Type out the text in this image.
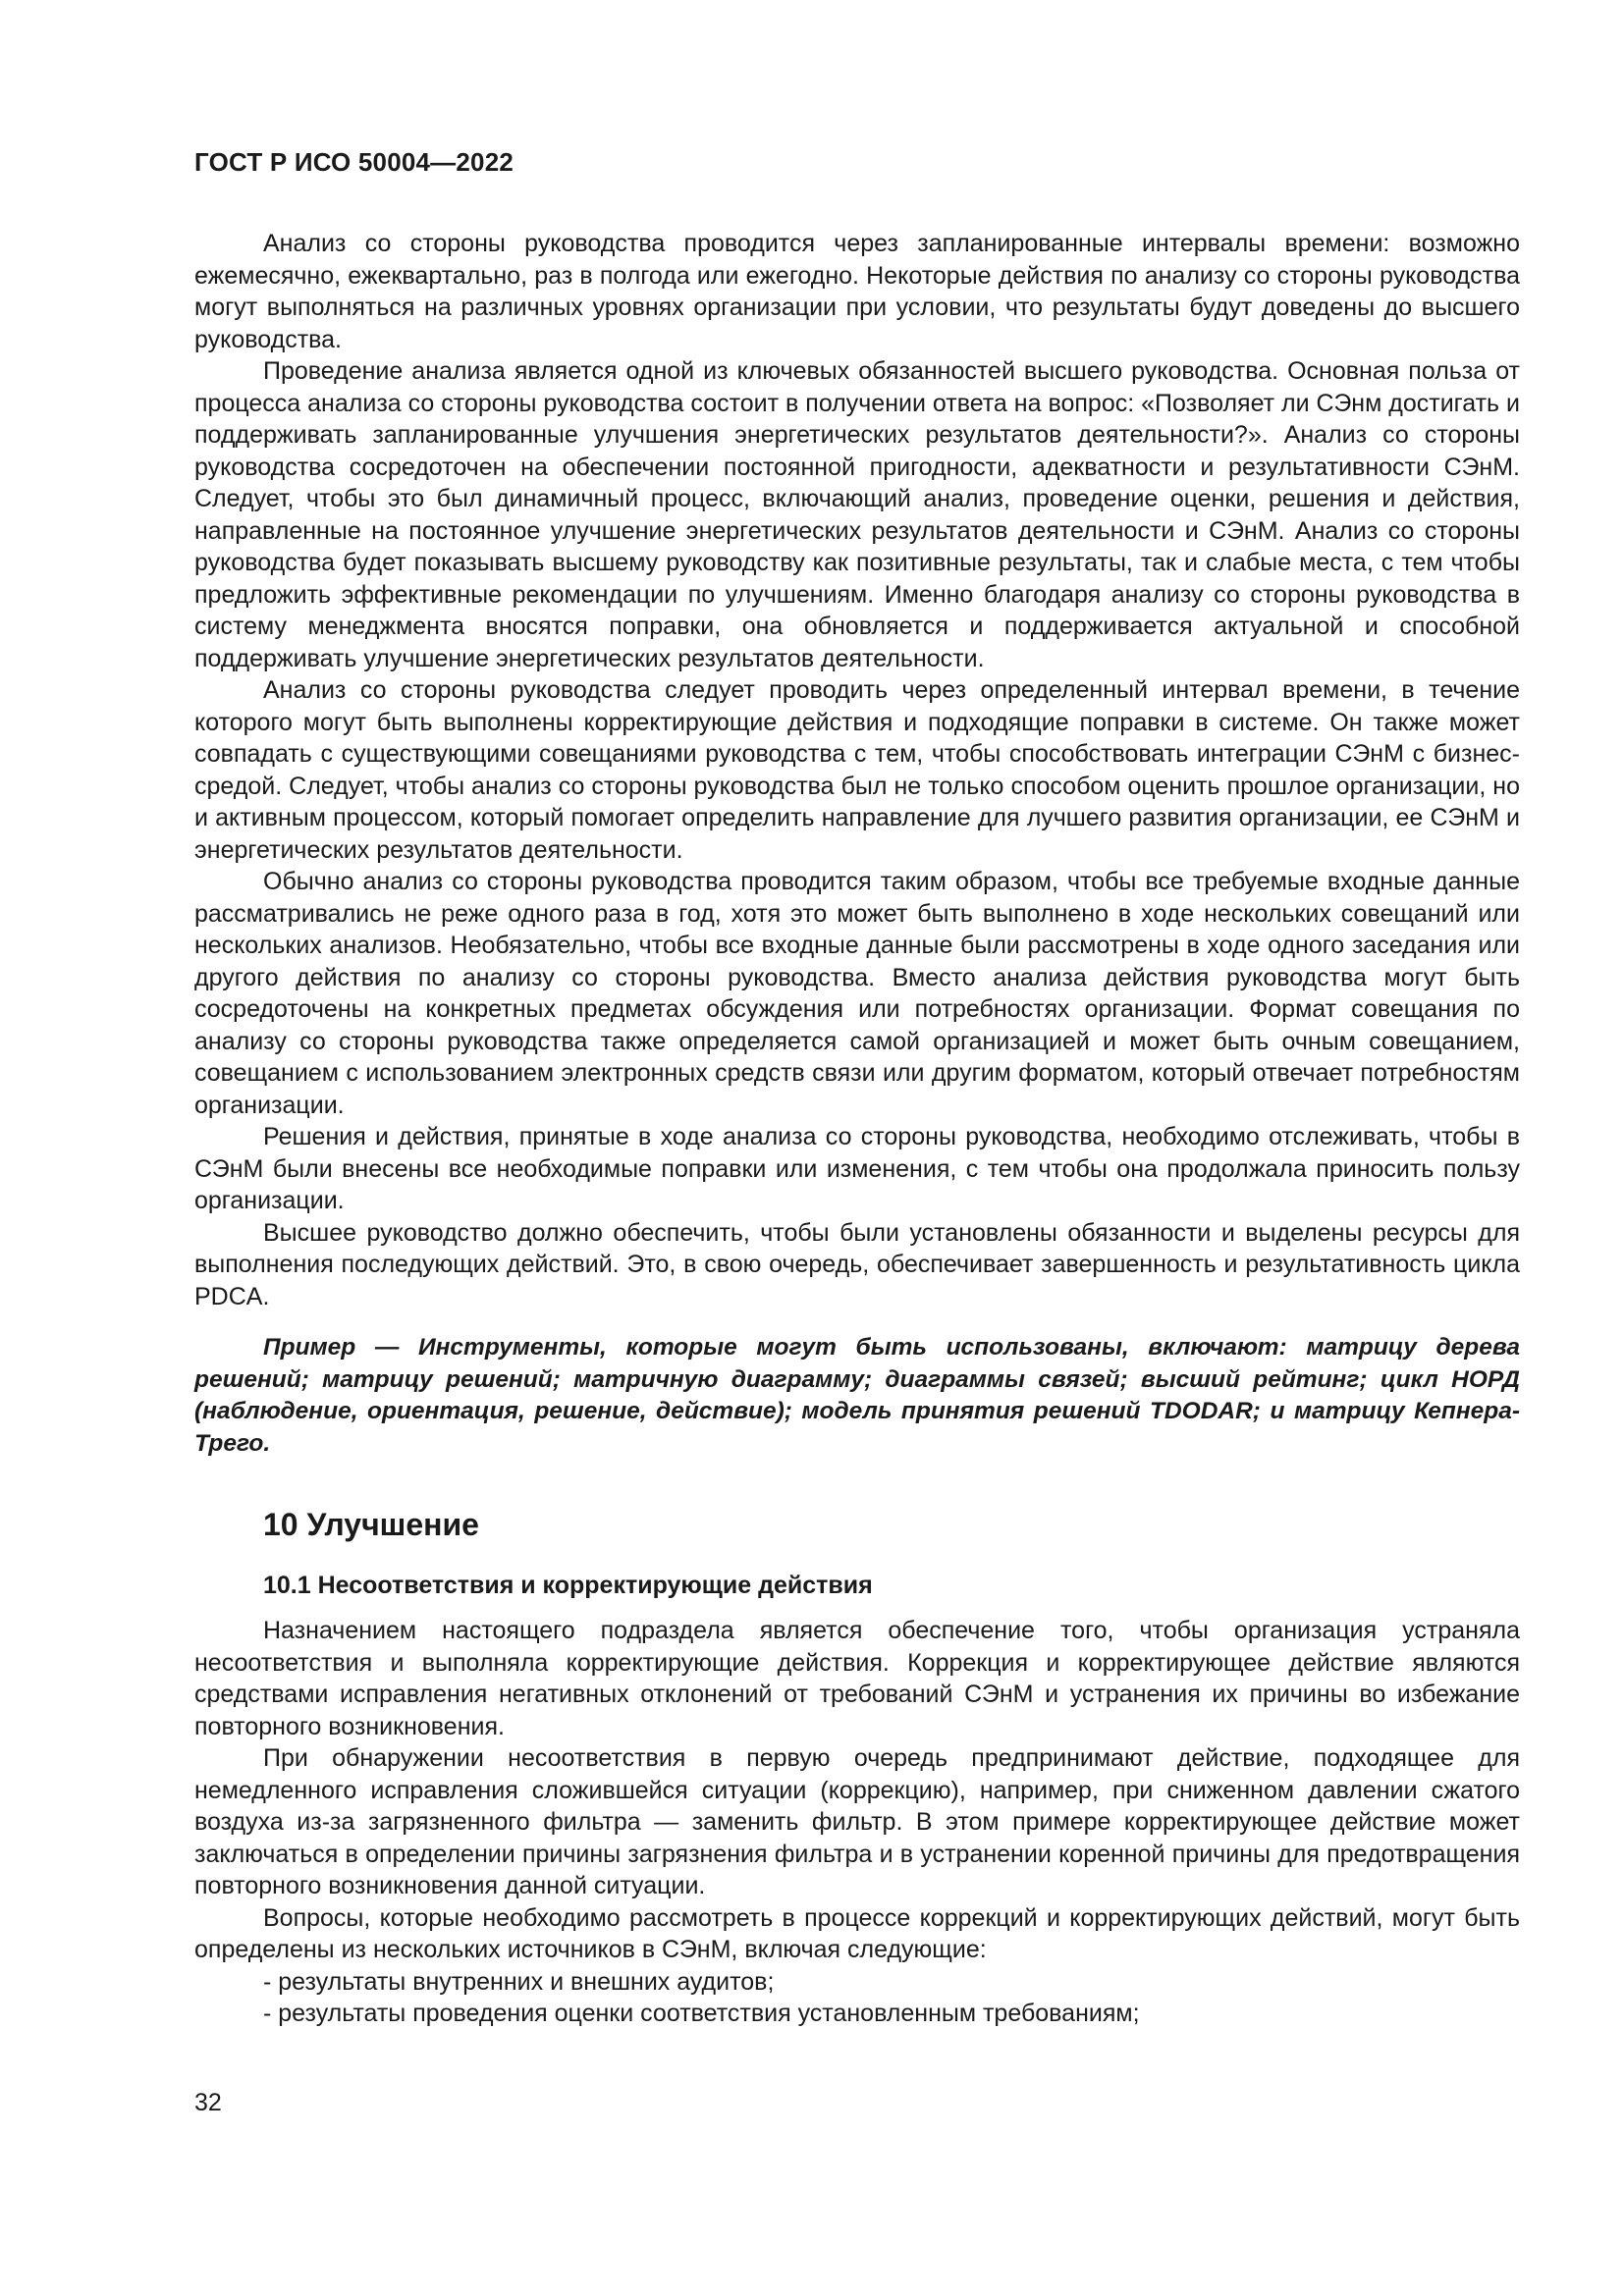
ГОСТ Р ИСО 50004—2022

Анализ со стороны руководства проводится через запланированные интервалы времени: возможно ежемесячно, ежеквартально, раз в полгода или ежегодно. Некоторые действия по анализу со стороны руководства могут выполняться на различных уровнях организации при условии, что результаты будут доведены до высшего руководства.

Проведение анализа является одной из ключевых обязанностей высшего руководства. Основная польза от процесса анализа со стороны руководства состоит в получении ответа на вопрос: «Позволяет ли СЭнм достигать и поддерживать запланированные улучшения энергетических результатов деятельности?». Анализ со стороны руководства сосредоточен на обеспечении постоянной пригодности, адекватности и результативности СЭнМ. Следует, чтобы это был динамичный процесс, включающий анализ, проведение оценки, решения и действия, направленные на постоянное улучшение энергетических результатов деятельности и СЭнМ. Анализ со стороны руководства будет показывать высшему руководству как позитивные результаты, так и слабые места, с тем чтобы предложить эффективные рекомендации по улучшениям. Именно благодаря анализу со стороны руководства в систему менеджмента вносятся поправки, она обновляется и поддерживается актуальной и способной поддерживать улучшение энергетических результатов деятельности.

Анализ со стороны руководства следует проводить через определенный интервал времени, в течение которого могут быть выполнены корректирующие действия и подходящие поправки в системе. Он также может совпадать с существующими совещаниями руководства с тем, чтобы способствовать интеграции СЭнМ с бизнес-средой. Следует, чтобы анализ со стороны руководства был не только способом оценить прошлое организации, но и активным процессом, который помогает определить направление для лучшего развития организации, ее СЭнМ и энергетических результатов деятельности.

Обычно анализ со стороны руководства проводится таким образом, чтобы все требуемые входные данные рассматривались не реже одного раза в год, хотя это может быть выполнено в ходе нескольких совещаний или нескольких анализов. Необязательно, чтобы все входные данные были рассмотрены в ходе одного заседания или другого действия по анализу со стороны руководства. Вместо анализа действия руководства могут быть сосредоточены на конкретных предметах обсуждения или потребностях организации. Формат совещания по анализу со стороны руководства также определяется самой организацией и может быть очным совещанием, совещанием с использованием электронных средств связи или другим форматом, который отвечает потребностям организации.

Решения и действия, принятые в ходе анализа со стороны руководства, необходимо отслеживать, чтобы в СЭнМ были внесены все необходимые поправки или изменения, с тем чтобы она продолжала приносить пользу организации.

Высшее руководство должно обеспечить, чтобы были установлены обязанности и выделены ресурсы для выполнения последующих действий. Это, в свою очередь, обеспечивает завершенность и результативность цикла PDCA.

Пример — Инструменты, которые могут быть использованы, включают: матрицу дерева решений; матрицу решений; матричную диаграмму; диаграммы связей; высший рейтинг; цикл НОРД (наблюдение, ориентация, решение, действие); модель принятия решений TDODAR; и матрицу Кепнера-Трего.

10 Улучшение
10.1 Несоответствия и корректирующие действия

Назначением настоящего подраздела является обеспечение того, чтобы организация устраняла несоответствия и выполняла корректирующие действия. Коррекция и корректирующее действие являются средствами исправления негативных отклонений от требований СЭнМ и устранения их причины во избежание повторного возникновения.

При обнаружении несоответствия в первую очередь предпринимают действие, подходящее для немедленного исправления сложившейся ситуации (коррекцию), например, при сниженном давлении сжатого воздуха из-за загрязненного фильтра — заменить фильтр. В этом примере корректирующее действие может заключаться в определении причины загрязнения фильтра и в устранении коренной причины для предотвращения повторного возникновения данной ситуации.

Вопросы, которые необходимо рассмотреть в процессе коррекций и корректирующих действий, могут быть определены из нескольких источников в СЭнМ, включая следующие:

- результаты внутренних и внешних аудитов;

- результаты проведения оценки соответствия установленным требованиям;

32
